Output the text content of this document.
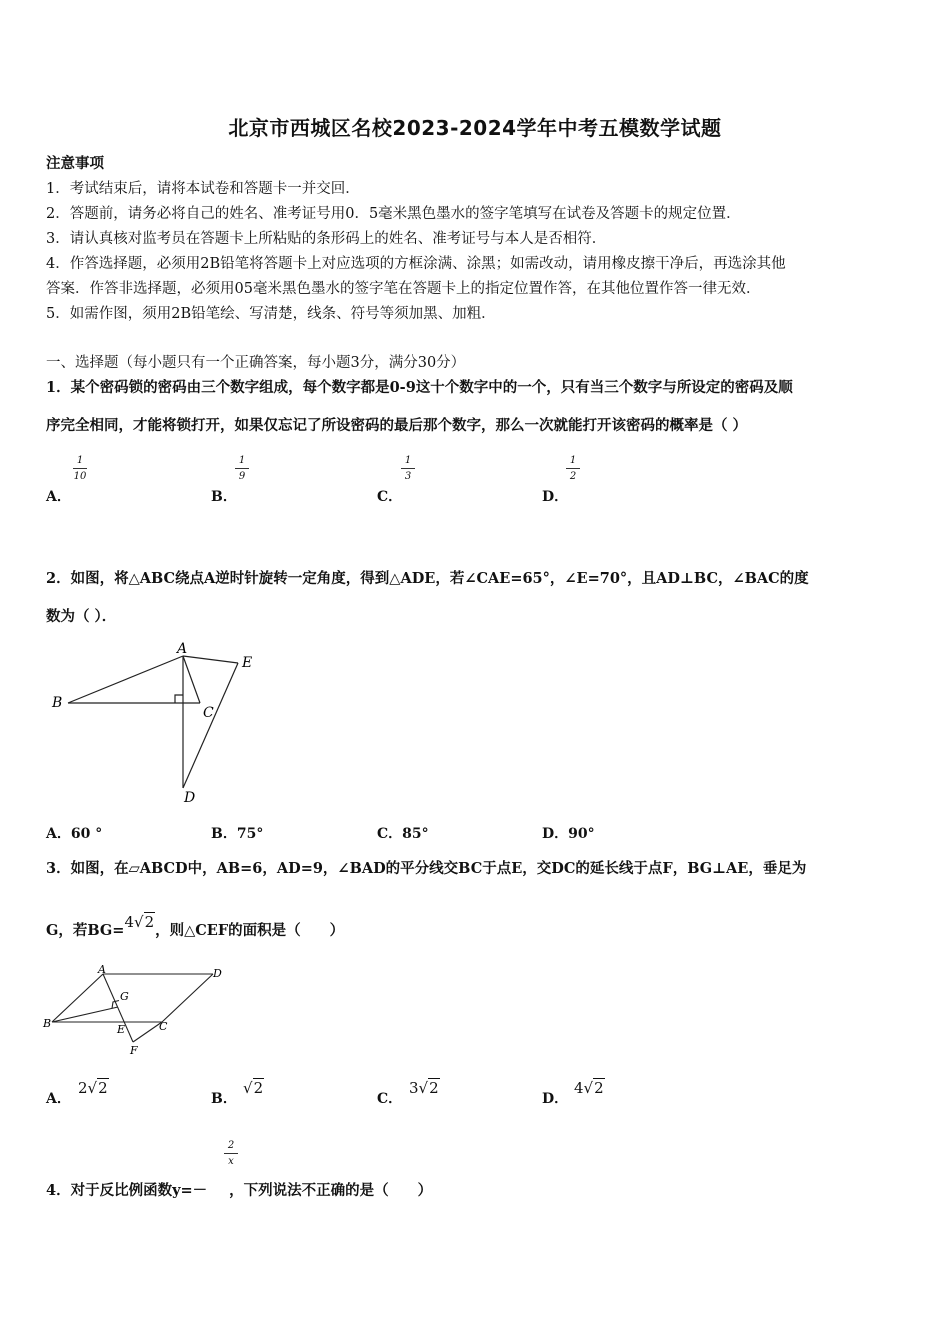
北京市西城区名校2023-2024学年中考五模数学试题
注意事项
1．考试结束后，请将本试卷和答题卡一并交回．
2．答题前，请务必将自己的姓名、准考证号用0．5毫米黑色墨水的签字笔填写在试卷及答题卡的规定位置．
3．请认真核对监考员在答题卡上所粘贴的条形码上的姓名、准考证号与本人是否相符．
4．作答选择题，必须用2B铅笔将答题卡上对应选项的方框涂满、涂黑；如需改动，请用橡皮擦干净后，再选涂其他
答案．作答非选择题，必须用05毫米黑色墨水的签字笔在答题卡上的指定位置作答，在其他位置作答一律无效．
5．如需作图，须用2B铅笔绘、写清楚，线条、符号等须加黑、加粗．
一、选择题（每小题只有一个正确答案，每小题3分，满分30分）
1．某个密码锁的密码由三个数字组成，每个数字都是0-9这十个数字中的一个，只有当三个数字与所设定的密码及顺
序完全相同，才能将锁打开，如果仅忘记了所设密码的最后那个数字，那么一次就能打开该密码的概率是（ ）
A．
1
10
B．
1
9
C．
1
3
D．
1
2
2．如图，将△ABC绕点A逆时针旋转一定角度，得到△ADE，若∠CAE=65°，∠E=70°，且AD⊥BC，∠BAC的度
数为（ ）．
A
B
C
D
E
A．60 °	B．75°	C．85°	D．90°
3．如图，在▱ABCD中，AB=6，AD=9，∠BAD的平分线交BC于点E，交DC的延长线于点F，BG⊥AE，垂足为
G，若BG=4√2，则△CEF的面积是（　　）
A
B	C
D
E
F
G
A．
2√2
B．
√2
C．
3√2
D．
4√2
2
x
4．对于反比例函数y=－ ，下列说法不正确的是（　　）
